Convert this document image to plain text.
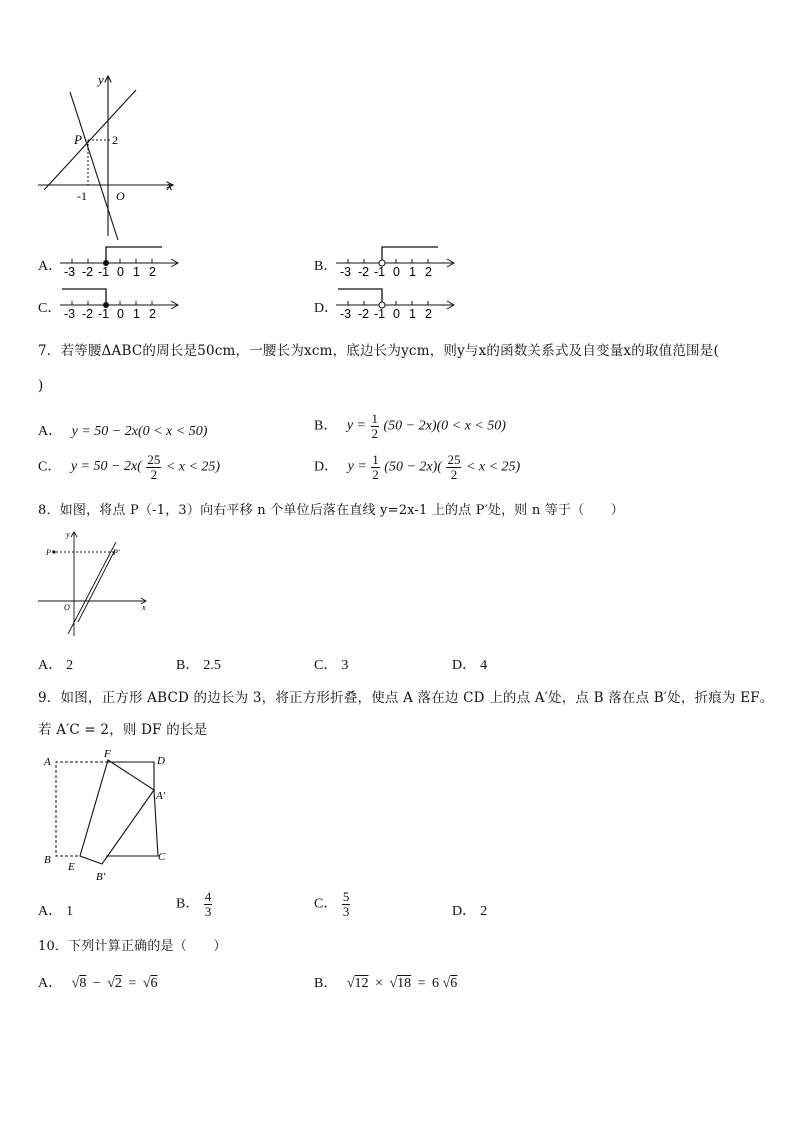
y
x
P	2
-1 O
A． -3 -2 -1 0 1 2	B． -3 -2 -1 0 1 2
C． -3 -2 -1 0 1 2	D． -3 -2 -1 0 1 2
7．若等腰ΔABC的周长是50cm，一腰长为xcm，底边长为ycm，则y与x的函数关系式及自变量x的取值范围是(
)
A． y = 50 − 2x(0 < x < 50)	B． $y = \frac{1}{2} (50 - 2x)(0 < x < 50)$
C． $y = 50 - 2x( \frac{25}{2} < x < 25)$	D． $y = \frac{1}{2} (50 - 2x)( \frac{25}{2} < x < 25)$
8．如图，将点 P（-1，3）向右平移 n 个单位后落在直线 y=2x-1 上的点 P′处，则 n 等于（　　）
y
x
P	P′
O
A． 2	B． 2.5	C． 3	D． 4
9．如图，正方形 ABCD 的边长为 3，将正方形折叠，使点 A 落在边 CD 上的点 A′处，点 B 落在点 B′处，折痕为 EF。
若 A′C = 2，则 DF 的长是
A
F
D
A′
B
E
C
B′
A． 1
B． $\frac{4}{3}$	C． $\frac{5}{3}$	D． 2
10．下列计算正确的是（　　）
A． √8 − √2 = √6	B． √12 × √18 = 6 √6
